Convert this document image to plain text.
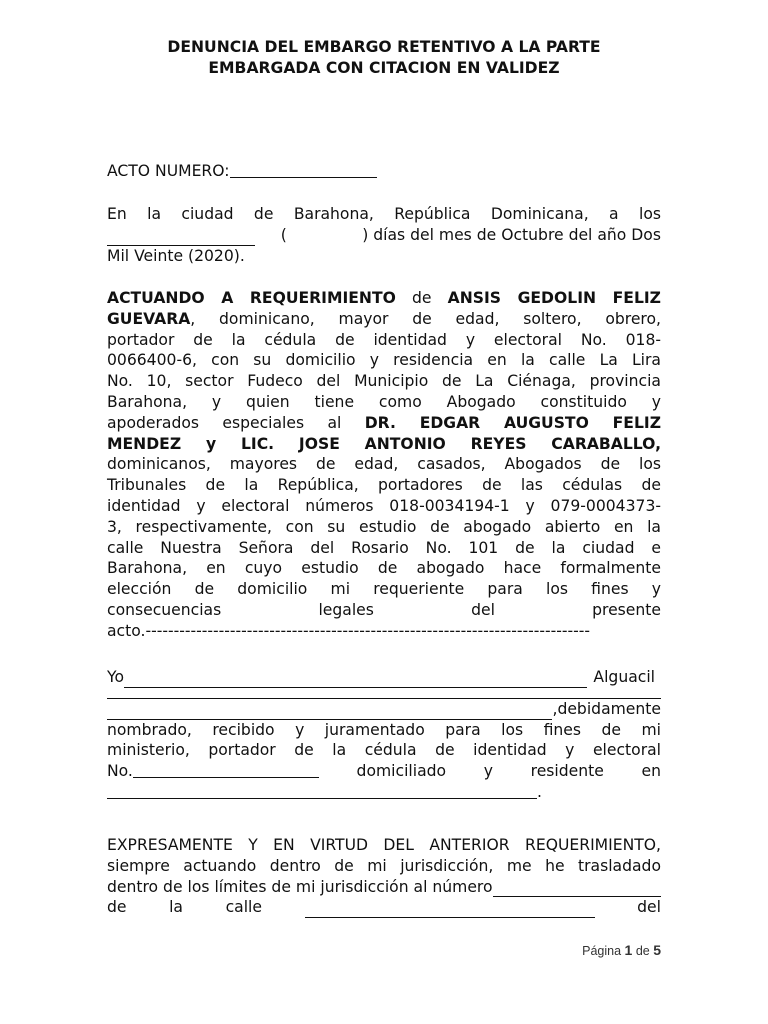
DENUNCIA DEL EMBARGO RETENTIVO A LA PARTE
EMBARGADA CON CITACION EN VALIDEZ
ACTO NUMERO:
En la ciudad de Barahona, República Dominicana, a los
(	) días del mes de Octubre del año Dos
Mil Veinte (2020).
ACTUANDO A REQUERIMIENTO de ANSIS GEDOLIN FELIZ
GUEVARA, dominicano, mayor de edad, soltero, obrero,
portador de la cédula de identidad y electoral No. 018-
0066400-6, con su domicilio y residencia en la calle La Lira
No. 10, sector Fudeco del Municipio de La Ciénaga, provincia
Barahona, y quien tiene como Abogado constituido y
apoderados especiales al DR. EDGAR AUGUSTO FELIZ
MENDEZ y LIC. JOSE ANTONIO REYES CARABALLO,
dominicanos, mayores de edad, casados, Abogados de los
Tribunales de la República, portadores de las cédulas de
identidad y electoral números 018-0034194-1 y 079-0004373-
3, respectivamente, con su estudio de abogado abierto en la
calle Nuestra Señora del Rosario No. 101 de la ciudad e
Barahona, en cuyo estudio de abogado hace formalmente
elección de domicilio mi requeriente para los fines y
consecuencias legales del presente
acto.-------------------------------------------------------------------------------
Yo	Alguacil
,debidamente
nombrado, recibido y juramentado para los fines de mi
ministerio, portador de la cédula de identidad y electoral
No.	domiciliado y residente en
.
EXPRESAMENTE Y EN VIRTUD DEL ANTERIOR REQUERIMIENTO,
siempre actuando dentro de mi jurisdicción, me he trasladado
dentro de los límites de mi jurisdicción al número
de	la	calle	del
Página 1 de 5
